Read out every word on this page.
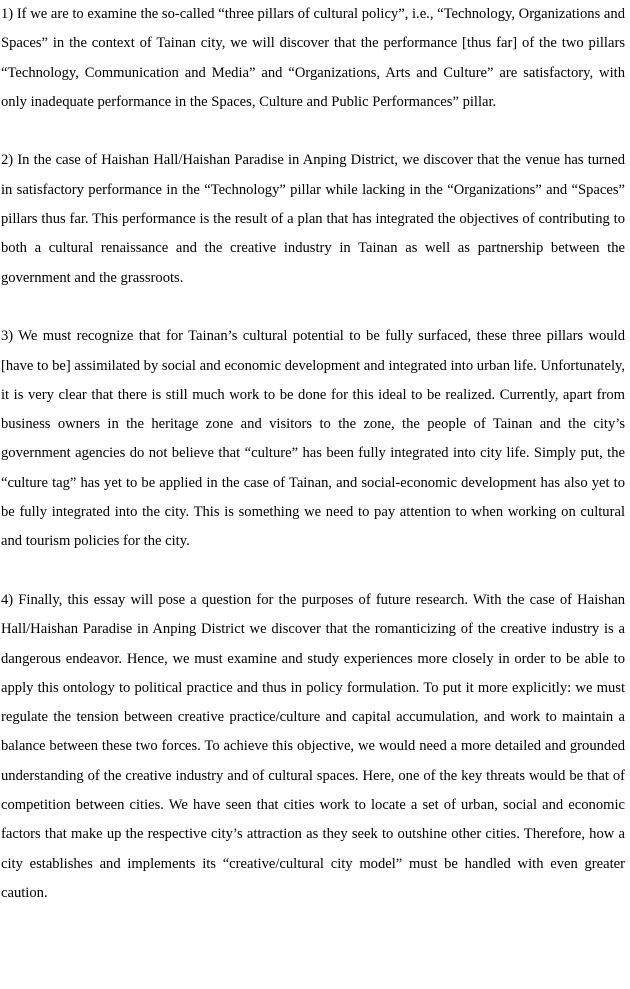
1) If we are to examine the so-called “three pillars of cultural policy”, i.e., “Technology, Organizations and Spaces” in the context of Tainan city, we will discover that the performance [thus far] of the two pillars “Technology, Communication and Media” and “Organizations, Arts and Culture” are satisfactory, with only inadequate performance in the Spaces, Culture and Public Performances” pillar.

2) In the case of Haishan Hall/Haishan Paradise in Anping District, we discover that the venue has turned in satisfactory performance in the “Technology” pillar while lacking in the “Organizations” and “Spaces” pillars thus far. This performance is the result of a plan that has integrated the objectives of contributing to both a cultural renaissance and the creative industry in Tainan as well as partnership between the government and the grassroots.

3) We must recognize that for Tainan’s cultural potential to be fully surfaced, these three pillars would [have to be] assimilated by social and economic development and integrated into urban life. Unfortunately, it is very clear that there is still much work to be done for this ideal to be realized. Currently, apart from business owners in the heritage zone and visitors to the zone, the people of Tainan and the city’s government agencies do not believe that “culture” has been fully integrated into city life. Simply put, the “culture tag” has yet to be applied in the case of Tainan, and social-economic development has also yet to be fully integrated into the city. This is something we need to pay attention to when working on cultural and tourism policies for the city.

4) Finally, this essay will pose a question for the purposes of future research. With the case of Haishan Hall/Haishan Paradise in Anping District we discover that the romanticizing of the creative industry is a dangerous endeavor. Hence, we must examine and study experiences more closely in order to be able to apply this ontology to political practice and thus in policy formulation. To put it more explicitly: we must regulate the tension between creative practice/culture and capital accumulation, and work to maintain a balance between these two forces. To achieve this objective, we would need a more detailed and grounded understanding of the creative industry and of cultural spaces. Here, one of the key threats would be that of competition between cities. We have seen that cities work to locate a set of urban, social and economic factors that make up the respective city’s attraction as they seek to outshine other cities. Therefore, how a city establishes and implements its “creative/cultural city model” must be handled with even greater caution.
